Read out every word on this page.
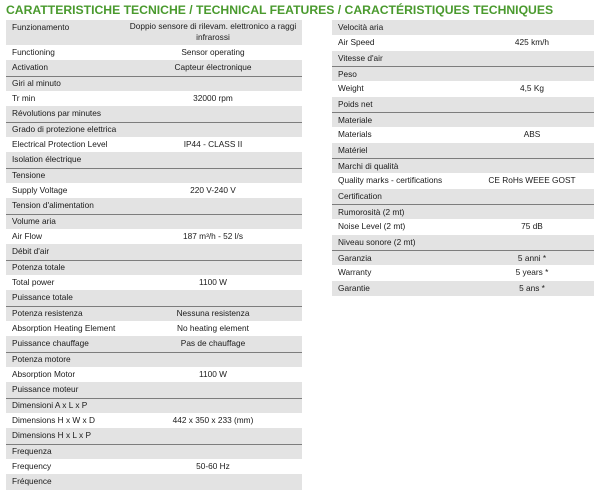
CARATTERISTICHE TECNICHE / TECHNICAL FEATURES / CARACTÉRISTIQUES TECHNIQUES
Funzionamento	Doppio sensore di rilevam. elettronico a raggi infrarossi
Functioning	Sensor operating
Activation	Capteur électronique
Giri al minuto
Tr min	32000 rpm
Révolutions par minutes
Grado di protezione elettrica
Electrical Protection Level	IP44 - CLASS II
Isolation électrique
Tensione
Supply Voltage	220 V-240 V
Tension d'alimentation
Volume aria
Air Flow	187 m³/h - 52 l/s
Débit d'air
Potenza totale
Total power	1100 W
Puissance totale
Potenza resistenza	Nessuna resistenza
Absorption Heating Element	No heating element
Puissance chauffage	Pas de chauffage
Potenza motore
Absorption Motor	1100 W
Puissance moteur
Dimensioni A x L x P
Dimensions H x W x D	442 x 350 x 233 (mm)
Dimensions H x L x P
Frequenza
Frequency	50-60 Hz
Fréquence
Velocità aria
Air Speed	425 km/h
Vitesse d'air
Peso
Weight	4,5 Kg
Poids net
Materiale
Materials	ABS
Matériel
Marchi di qualità
Quality marks - certifications	CE RoHs WEEE GOST
Certification
Rumorosità (2 mt)
Noise Level (2 mt)	75 dB
Niveau sonore (2 mt)
Garanzia	5 anni *
Warranty	5 years *
Garantie	5 ans *
